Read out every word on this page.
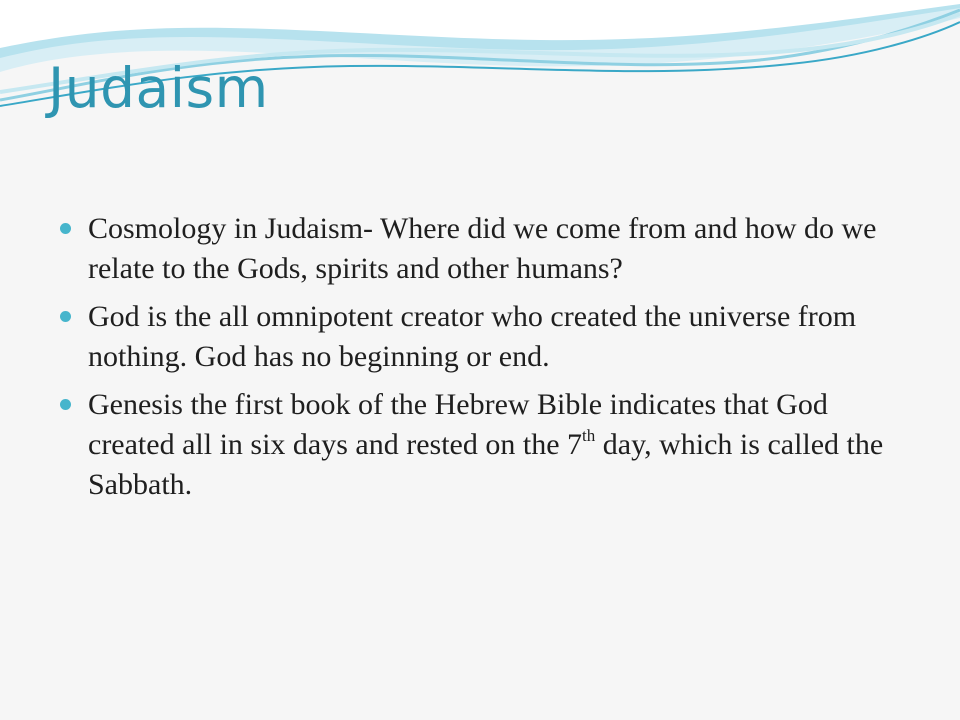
Judaism
Cosmology in Judaism- Where did we come from and how do we relate to the Gods, spirits and other humans?
God is the all omnipotent creator who created the universe from nothing. God has no beginning or end.
Genesis the first book of the Hebrew Bible indicates that God created all in six days and rested on the 7th day, which is called the Sabbath.
